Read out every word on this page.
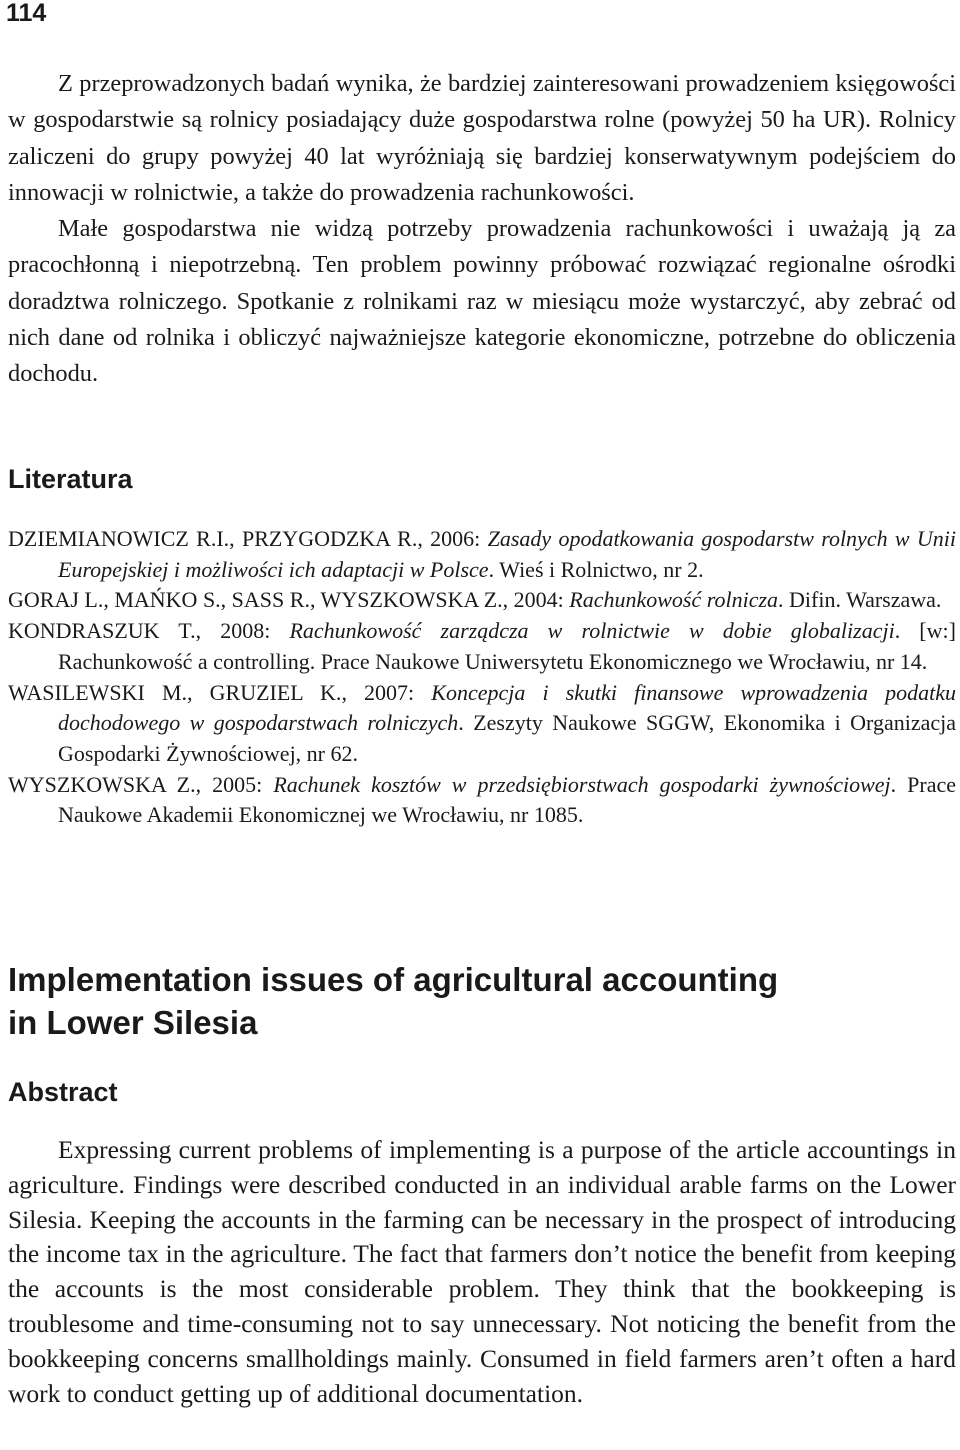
114

Z przeprowadzonych badań wynika, że bardziej zainteresowani prowadzeniem księgowości w gospodarstwie są rolnicy posiadający duże gospodarstwa rolne (powyżej 50 ha UR). Rolnicy zaliczeni do grupy powyżej 40 lat wyróżniają się bardziej konserwatywnym podejściem do innowacji w rolnictwie, a także do prowadzenia rachunkowości.

Małe gospodarstwa nie widzą potrzeby prowadzenia rachunkowości i uważają ją za pracochłonną i niepotrzebną. Ten problem powinny próbować rozwiązać regionalne ośrodki doradztwa rolniczego. Spotkanie z rolnikami raz w miesiącu może wystarczyć, aby zebrać od nich dane od rolnika i obliczyć najważniejsze kategorie ekonomiczne, potrzebne do obliczenia dochodu.

Literatura
DZIEMIANOWICZ R.I., PRZYGODZKA R., 2006: Zasady opodatkowania gospodarstw rolnych w Unii Europejskiej i możliwości ich adaptacji w Polsce. Wieś i Rolnictwo, nr 2.
GORAJ L., MAŃKO S., SASS R., WYSZKOWSKA Z., 2004: Rachunkowość rolnicza. Difin. Warszawa.
KONDRASZUK T., 2008: Rachunkowość zarządcza w rolnictwie w dobie globalizacji. [w:] Rachunkowość a controlling. Prace Naukowe Uniwersytetu Ekonomicznego we Wrocławiu, nr 14.
WASILEWSKI M., GRUZIEL K., 2007: Koncepcja i skutki finansowe wprowadzenia podatku dochodowego w gospodarstwach rolniczych. Zeszyty Naukowe SGGW, Ekonomika i Organizacja Gospodarki Żywnościowej, nr 62.
WYSZKOWSKA Z., 2005: Rachunek kosztów w przedsiębiorstwach gospodarki żywnościowej. Prace Naukowe Akademii Ekonomicznej we Wrocławiu, nr 1085.
Implementation issues of agricultural accounting
in Lower Silesia
Abstract

Expressing current problems of implementing is a purpose of the article accountings in agriculture. Findings were described conducted in an individual arable farms on the Lower Silesia. Keeping the accounts in the farming can be necessary in the prospect of introducing the income tax in the agriculture. The fact that farmers don’t notice the benefit from keeping the accounts is the most considerable problem. They think that the bookkeeping is troublesome and time-consuming not to say unnecessary. Not noticing the benefit from the bookkeeping concerns smallholdings mainly. Consumed in field farmers aren’t often a hard work to conduct getting up of additional documentation.
